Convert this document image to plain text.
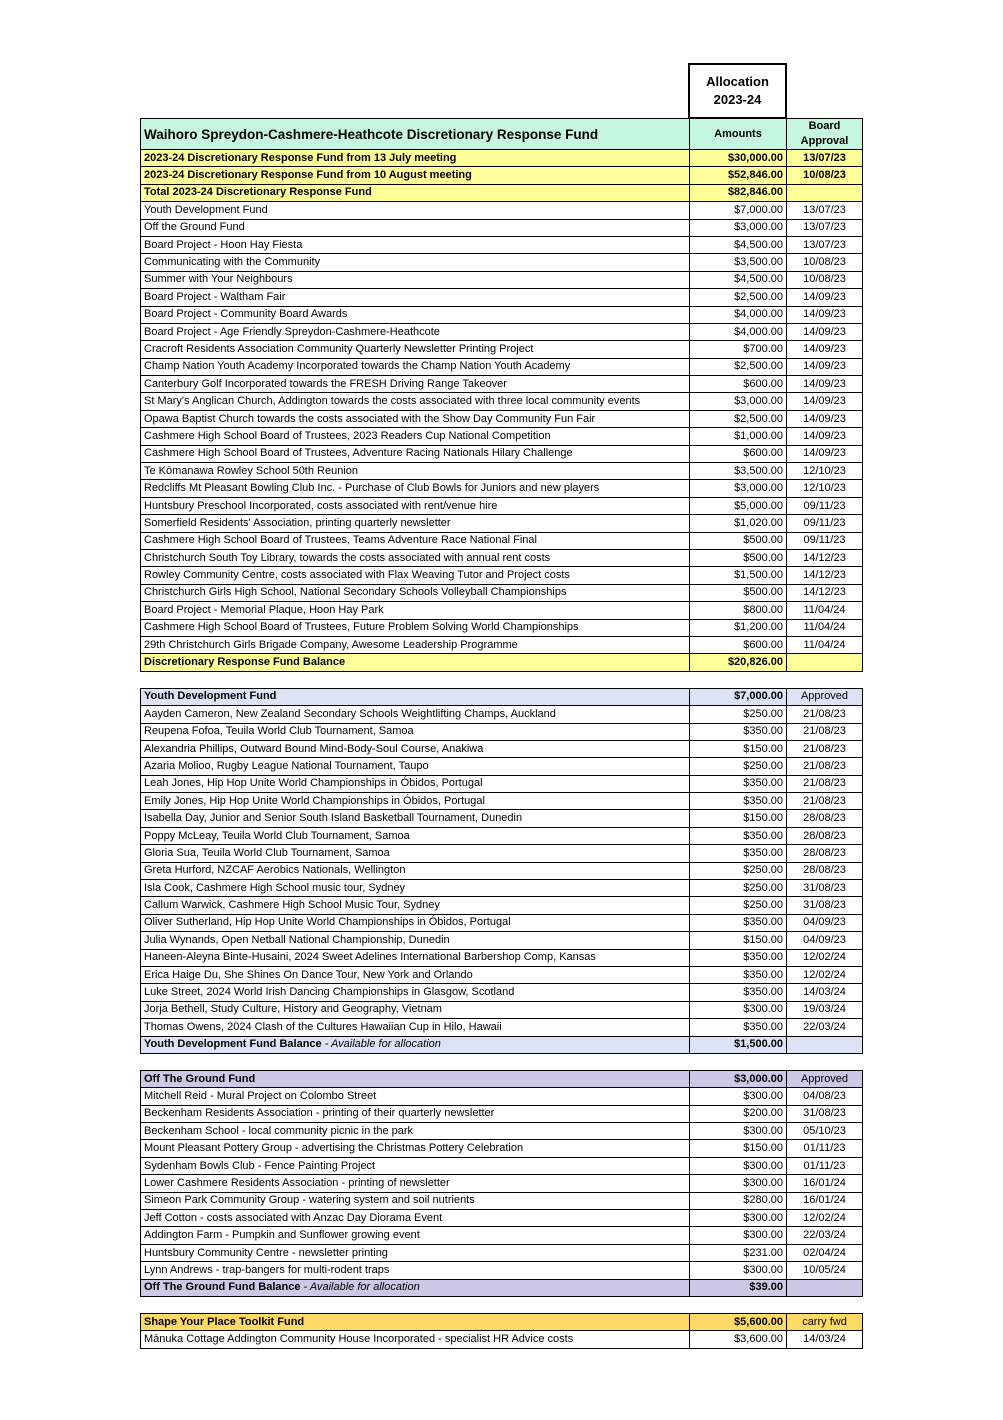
	Allocation 2023-24	
Waihoro Spreydon-Cashmere-Heathcote Discretionary Response Fund	Amounts	Board Approval
2023-24 Discretionary Response Fund from 13 July meeting	$30,000.00	13/07/23
2023-24 Discretionary Response Fund from 10 August meeting	$52,846.00	10/08/23
Total 2023-24 Discretionary Response Fund	$82,846.00	
Youth Development Fund	$7,000.00	13/07/23
Off the Ground Fund	$3,000.00	13/07/23
Board Project - Hoon Hay Fiesta	$4,500.00	13/07/23
Communicating with the Community	$3,500.00	10/08/23
Summer with Your Neighbours	$4,500.00	10/08/23
Board Project - Waltham Fair	$2,500.00	14/09/23
Board Project - Community Board Awards	$4,000.00	14/09/23
Board Project - Age Friendly Spreydon-Cashmere-Heathcote	$4,000.00	14/09/23
Cracroft Residents Association Community Quarterly Newsletter Printing Project	$700.00	14/09/23
Champ Nation Youth Academy Incorporated towards the Champ Nation Youth Academy	$2,500.00	14/09/23
Canterbury Golf Incorporated towards the FRESH Driving Range Takeover	$600.00	14/09/23
St Mary's Anglican Church, Addington towards the costs associated with three local community events	$3,000.00	14/09/23
Opawa Baptist Church towards the costs associated with the Show Day Community Fun Fair	$2,500.00	14/09/23
Cashmere High School Board of Trustees, 2023 Readers Cup National Competition	$1,000.00	14/09/23
Cashmere High School Board of Trustees, Adventure Racing Nationals Hilary Challenge	$600.00	14/09/23
Te Kōmanawa Rowley School 50th Reunion	$3,500.00	12/10/23
Redcliffs Mt Pleasant Bowling Club Inc. - Purchase of Club Bowls for Juniors and new players	$3,000.00	12/10/23
Huntsbury Preschool Incorporated, costs associated with rent/venue hire	$5,000.00	09/11/23
Somerfield Residents' Association, printing quarterly newsletter	$1,020.00	09/11/23
Cashmere High School Board of Trustees, Teams Adventure Race National Final	$500.00	09/11/23
Christchurch South Toy Library, towards the costs associated with annual rent costs	$500.00	14/12/23
Rowley Community Centre, costs associated with Flax Weaving Tutor and Project costs	$1,500.00	14/12/23
Christchurch Girls High School, National Secondary Schools Volleyball Championships	$500.00	14/12/23
Board Project - Memorial Plaque, Hoon Hay Park	$800.00	11/04/24
Cashmere High School Board of Trustees, Future Problem Solving World Championships	$1,200.00	11/04/24
29th Christchurch Girls Brigade Company, Awesome Leadership Programme	$600.00	11/04/24
Discretionary Response Fund Balance	$20,826.00	
Youth Development Fund	$7,000.00	Approved
Aayden Cameron, New Zealand Secondary Schools Weightlifting Champs, Auckland	$250.00	21/08/23
Reupena Fofoa, Teuila World Club Tournament, Samoa	$350.00	21/08/23
Alexandria Phillips, Outward Bound Mind-Body-Soul Course, Anakiwa	$150.00	21/08/23
Azaria Molioo, Rugby League National Tournament, Taupo	$250.00	21/08/23
Leah Jones, Hip Hop Unite World Championships in Óbidos, Portugal	$350.00	21/08/23
Emily Jones, Hip Hop Unite World Championships in Óbidos, Portugal	$350.00	21/08/23
Isabella Day, Junior and Senior South Island Basketball Tournament, Dunedin	$150.00	28/08/23
Poppy McLeay, Teuila World Club Tournament, Samoa	$350.00	28/08/23
Gloria Sua, Teuila World Club Tournament, Samoa	$350.00	28/08/23
Greta Hurford, NZCAF Aerobics Nationals, Wellington	$250.00	28/08/23
Isla Cook, Cashmere High School music tour, Sydney	$250.00	31/08/23
Callum Warwick, Cashmere High School Music Tour, Sydney	$250.00	31/08/23
Oliver Sutherland, Hip Hop Unite World Championships in Óbidos, Portugal	$350.00	04/09/23
Julia Wynands, Open Netball National Championship, Dunedin	$150.00	04/09/23
Haneen-Aleyna Binte-Husaini, 2024 Sweet Adelines International Barbershop Comp, Kansas	$350.00	12/02/24
Erica Haige Du, She Shines On Dance Tour, New York and Orlando	$350.00	12/02/24
Luke Street, 2024 World Irish Dancing Championships in Glasgow, Scotland	$350.00	14/03/24
Jorja Bethell, Study Culture, History and Geography, Vietnam	$300.00	19/03/24
Thomas Owens, 2024 Clash of the Cultures Hawaiian Cup in Hilo, Hawaii	$350.00	22/03/24
Youth Development Fund Balance - Available for allocation	$1,500.00	
Off The Ground Fund	$3,000.00	Approved
Mitchell Reid - Mural Project on Colombo Street	$300.00	04/08/23
Beckenham Residents Association - printing of their quarterly newsletter	$200.00	31/08/23
Beckenham School - local community picnic in the park	$300.00	05/10/23
Mount Pleasant Pottery Group - advertising the Christmas Pottery Celebration	$150.00	01/11/23
Sydenham Bowls Club - Fence Painting Project	$300.00	01/11/23
Lower Cashmere Residents Association - printing of newsletter	$300.00	16/01/24
Simeon Park Community Group - watering system and soil nutrients	$280.00	16/01/24
Jeff Cotton - costs associated with Anzac Day Diorama Event	$300.00	12/02/24
Addington Farm - Pumpkin and Sunflower growing event	$300.00	22/03/24
Huntsbury Community Centre - newsletter printing	$231.00	02/04/24
Lynn Andrews - trap-bangers for multi-rodent traps	$300.00	10/05/24
Off The Ground Fund Balance - Available for allocation	$39.00	
Shape Your Place Toolkit Fund	$5,600.00	carry fwd
Mānuka Cottage Addington Community House Incorporated - specialist HR Advice costs	$3,600.00	14/03/24
